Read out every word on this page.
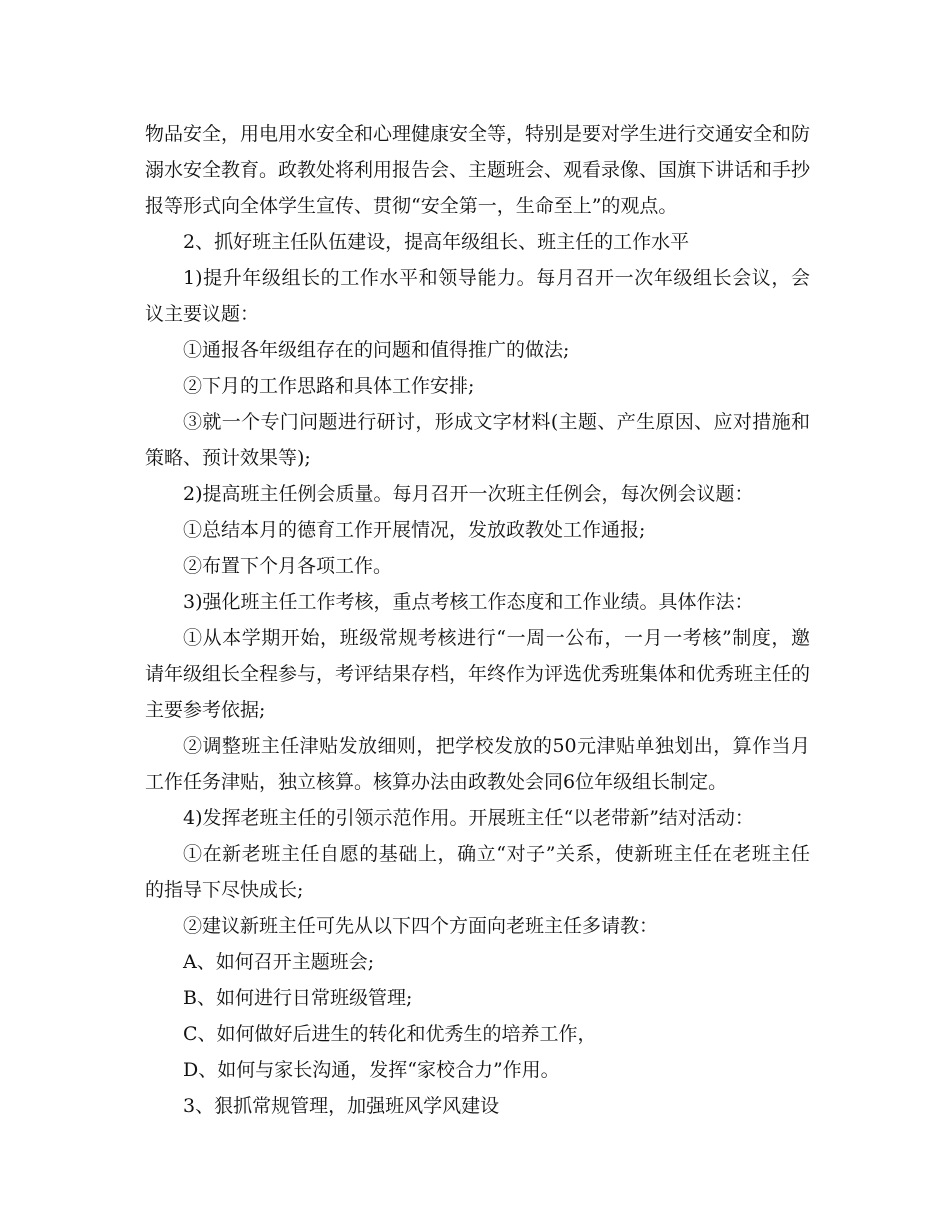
物品安全，用电用水安全和心理健康安全等，特别是要对学生进行交通安全和防溺水安全教育。政教处将利用报告会、主题班会、观看录像、国旗下讲话和手抄报等形式向全体学生宣传、贯彻“安全第一，生命至上”的观点。

2、抓好班主任队伍建设，提高年级组长、班主任的工作水平

1)提升年级组长的工作水平和领导能力。每月召开一次年级组长会议，会议主要议题：

①通报各年级组存在的问题和值得推广的做法;

②下月的工作思路和具体工作安排;

③就一个专门问题进行研讨，形成文字材料(主题、产生原因、应对措施和策略、预计效果等);

2)提高班主任例会质量。每月召开一次班主任例会，每次例会议题：

①总结本月的德育工作开展情况，发放政教处工作通报;

②布置下个月各项工作。

3)强化班主任工作考核，重点考核工作态度和工作业绩。具体作法：

①从本学期开始，班级常规考核进行“一周一公布，一月一考核”制度，邀请年级组长全程参与，考评结果存档，年终作为评选优秀班集体和优秀班主任的主要参考依据;

②调整班主任津贴发放细则，把学校发放的50元津贴单独划出，算作当月工作任务津贴，独立核算。核算办法由政教处会同6位年级组长制定。

4)发挥老班主任的引领示范作用。开展班主任“以老带新”结对活动：

①在新老班主任自愿的基础上，确立“对子”关系，使新班主任在老班主任的指导下尽快成长;

②建议新班主任可先从以下四个方面向老班主任多请教：

A、如何召开主题班会;

B、如何进行日常班级管理;

C、如何做好后进生的转化和优秀生的培养工作，

D、如何与家长沟通，发挥“家校合力”作用。

3、狠抓常规管理，加强班风学风建设
